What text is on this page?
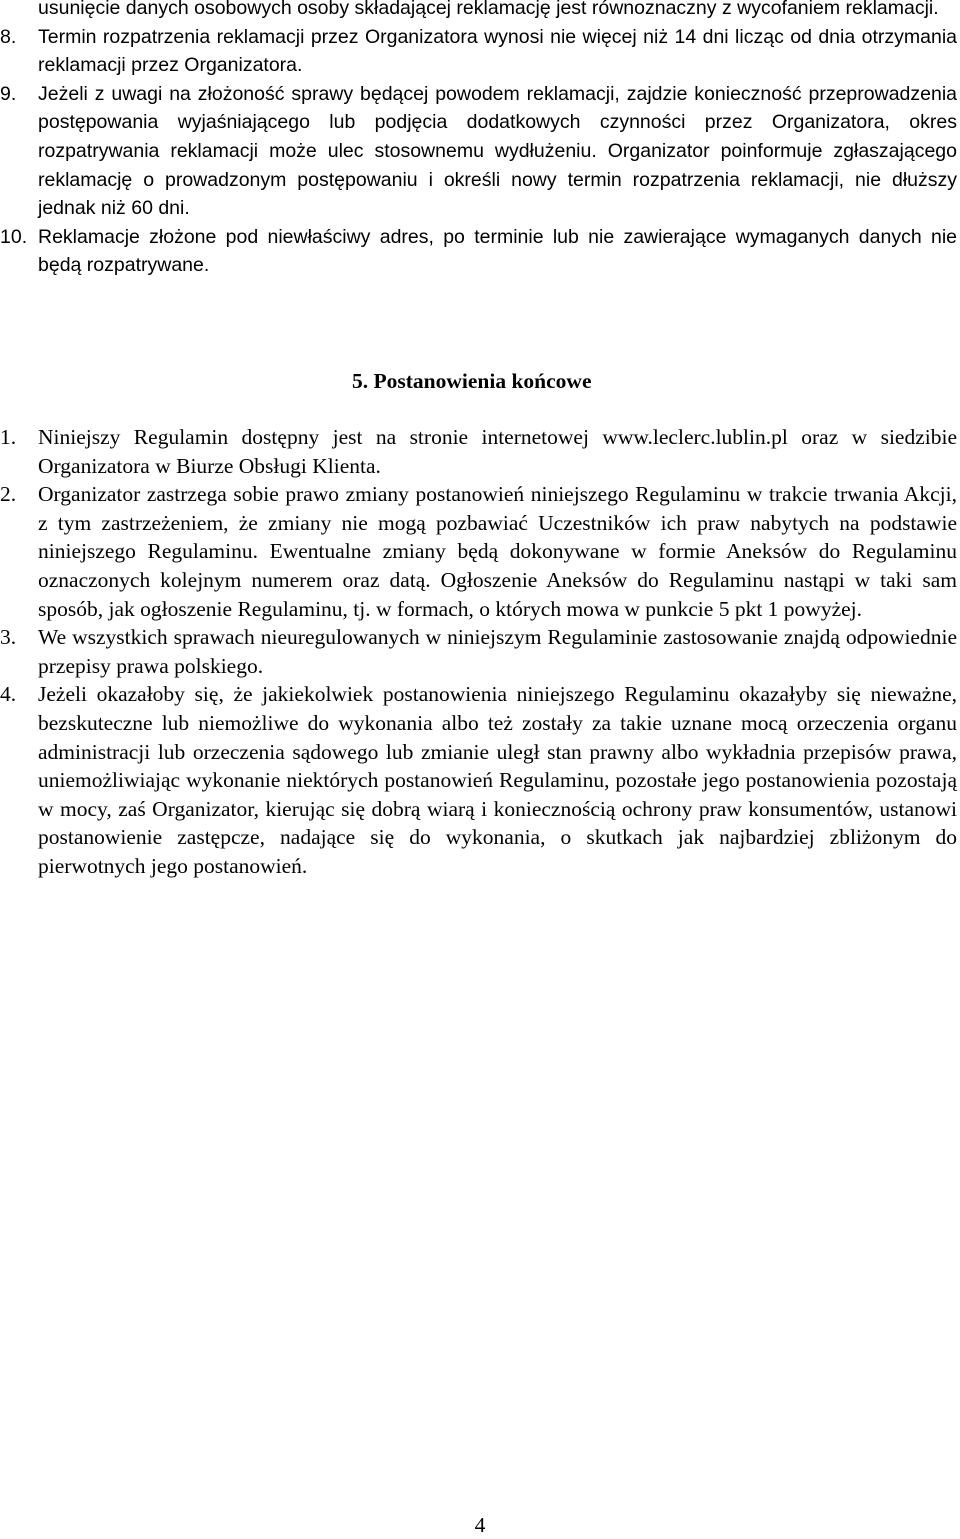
usunięcie danych osobowych osoby składającej reklamację jest równoznaczny z wycofaniem reklamacji.
8. Termin rozpatrzenia reklamacji przez Organizatora wynosi nie więcej niż 14 dni licząc od dnia otrzymania reklamacji przez Organizatora.
9. Jeżeli z uwagi na złożoność sprawy będącej powodem reklamacji, zajdzie konieczność przeprowadzenia postępowania wyjaśniającego lub podjęcia dodatkowych czynności przez Organizatora, okres rozpatrywania reklamacji może ulec stosownemu wydłużeniu. Organizator poinformuje zgłaszającego reklamację o prowadzonym postępowaniu i określi nowy termin rozpatrzenia reklamacji, nie dłuższy jednak niż 60 dni.
10. Reklamacje złożone pod niewłaściwy adres, po terminie lub nie zawierające wymaganych danych nie będą rozpatrywane.
5. Postanowienia końcowe
1. Niniejszy Regulamin dostępny jest na stronie internetowej www.leclerc.lublin.pl oraz w siedzibie Organizatora w Biurze Obsługi Klienta.
2. Organizator zastrzega sobie prawo zmiany postanowień niniejszego Regulaminu w trakcie trwania Akcji, z tym zastrzeżeniem, że zmiany nie mogą pozbawiać Uczestników ich praw nabytych na podstawie niniejszego Regulaminu. Ewentualne zmiany będą dokonywane w formie Aneksów do Regulaminu oznaczonych kolejnym numerem oraz datą. Ogłoszenie Aneksów do Regulaminu nastąpi w taki sam sposób, jak ogłoszenie Regulaminu, tj. w formach, o których mowa w punkcie 5 pkt 1 powyżej.
3. We wszystkich sprawach nieuregulowanych w niniejszym Regulaminie zastosowanie znajdą odpowiednie przepisy prawa polskiego.
4. Jeżeli okazałoby się, że jakiekolwiek postanowienia niniejszego Regulaminu okazałyby się nieważne, bezskuteczne lub niemożliwe do wykonania albo też zostały za takie uznane mocą orzeczenia organu administracji lub orzeczenia sądowego lub zmianie uległ stan prawny albo wykładnia przepisów prawa, uniemożliwiając wykonanie niektórych postanowień Regulaminu, pozostałe jego postanowienia pozostają w mocy, zaś Organizator, kierując się dobrą wiarą i koniecznością ochrony praw konsumentów, ustanowi postanowienie zastępcze, nadające się do wykonania, o skutkach jak najbardziej zbliżonym do pierwotnych jego postanowień.
4
